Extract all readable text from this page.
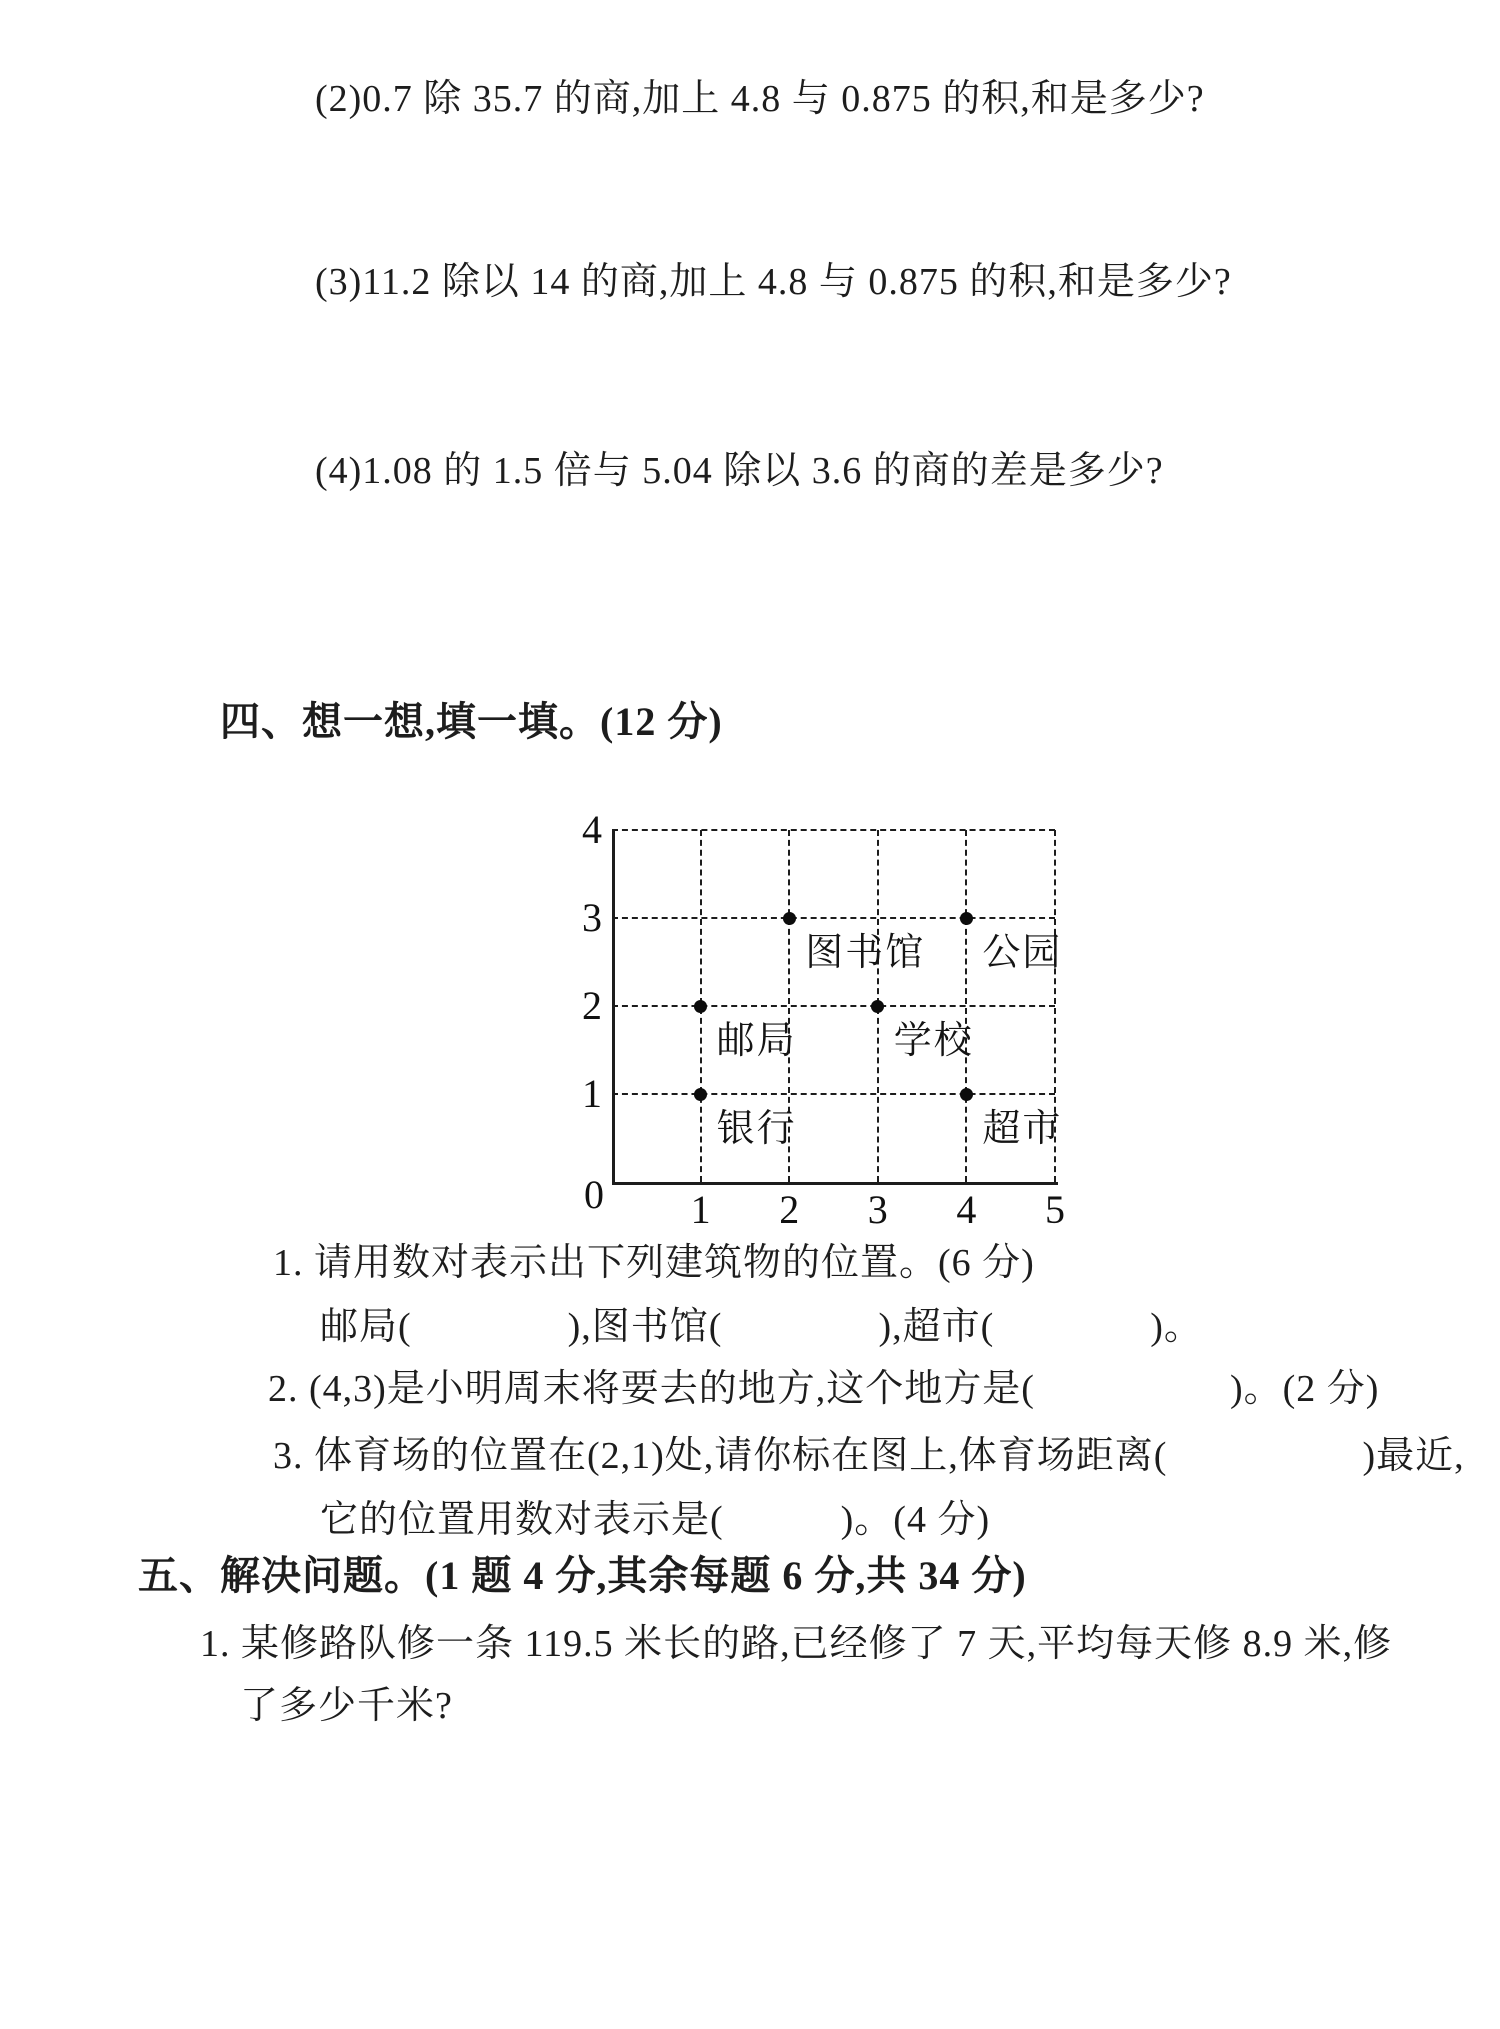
(2)0.7 除 35.7 的商,加上 4.8 与 0.875 的积,和是多少?
(3)11.2 除以 14 的商,加上 4.8 与 0.875 的积,和是多少?
(4)1.08 的 1.5 倍与 5.04 除以 3.6 的商的差是多少?
四、想一想,填一填。(12 分)
4
3
2
1
1 2 3 4 5
0
图书馆 公园
邮局	学校
银行	超市
1. 请用数对表示出下列建筑物的位置。(6 分)
邮局(　　　　),图书馆(　　　　),超市(　　　　)。
2. (4,3)是小明周末将要去的地方,这个地方是(　　　　　)。(2 分)
3. 体育场的位置在(2,1)处,请你标在图上,体育场距离(　　　　　)最近,
它的位置用数对表示是(　　　)。(4 分)
五、解决问题。(1 题 4 分,其余每题 6 分,共 34 分)
1. 某修路队修一条 119.5 米长的路,已经修了 7 天,平均每天修 8.9 米,修
了多少千米?
